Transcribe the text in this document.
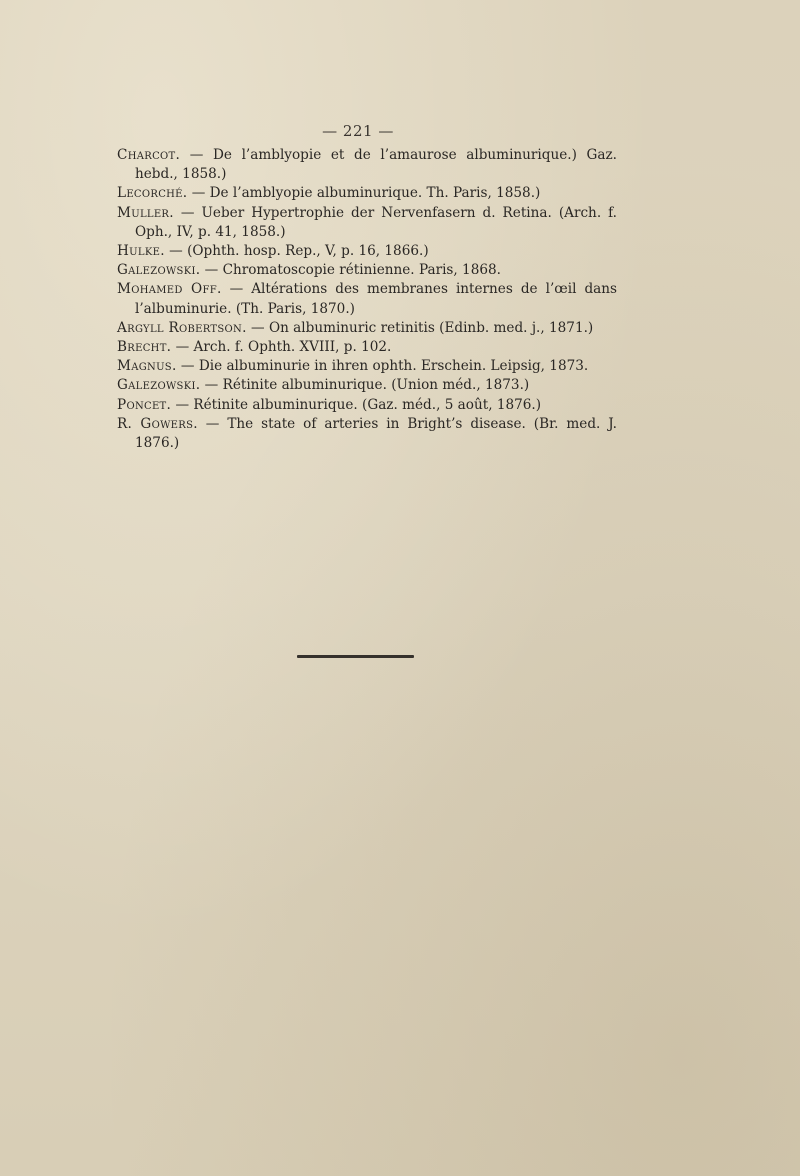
— 221 —
Charcot. — De l’amblyopie et de l’amaurose albuminurique.) Gaz. hebd., 1858.)
Lecorché. — De l’amblyopie albuminurique. Th. Paris, 1858.)
Muller. — Ueber Hypertrophie der Nervenfasern d. Retina. (Arch. f. Oph., IV, p. 41, 1858.)
Hulke. — (Ophth. hosp. Rep., V, p. 16, 1866.)
Galezowski. — Chromatoscopie rétinienne. Paris, 1868.
Mohamed Off. — Altérations des membranes internes de l’œil dans l’albuminurie. (Th. Paris, 1870.)
Argyll Robertson. — On albuminuric retinitis (Edinb. med. j., 1871.)
Brecht. — Arch. f. Ophth. XVIII, p. 102.
Magnus. — Die albuminurie in ihren ophth. Erschein. Leipsig, 1873.
Galezowski. — Rétinite albuminurique. (Union méd., 1873.)
Poncet. — Rétinite albuminurique. (Gaz. méd., 5 août, 1876.)
R. Gowers. — The state of arteries in Bright’s disease. (Br. med. J. 1876.)
